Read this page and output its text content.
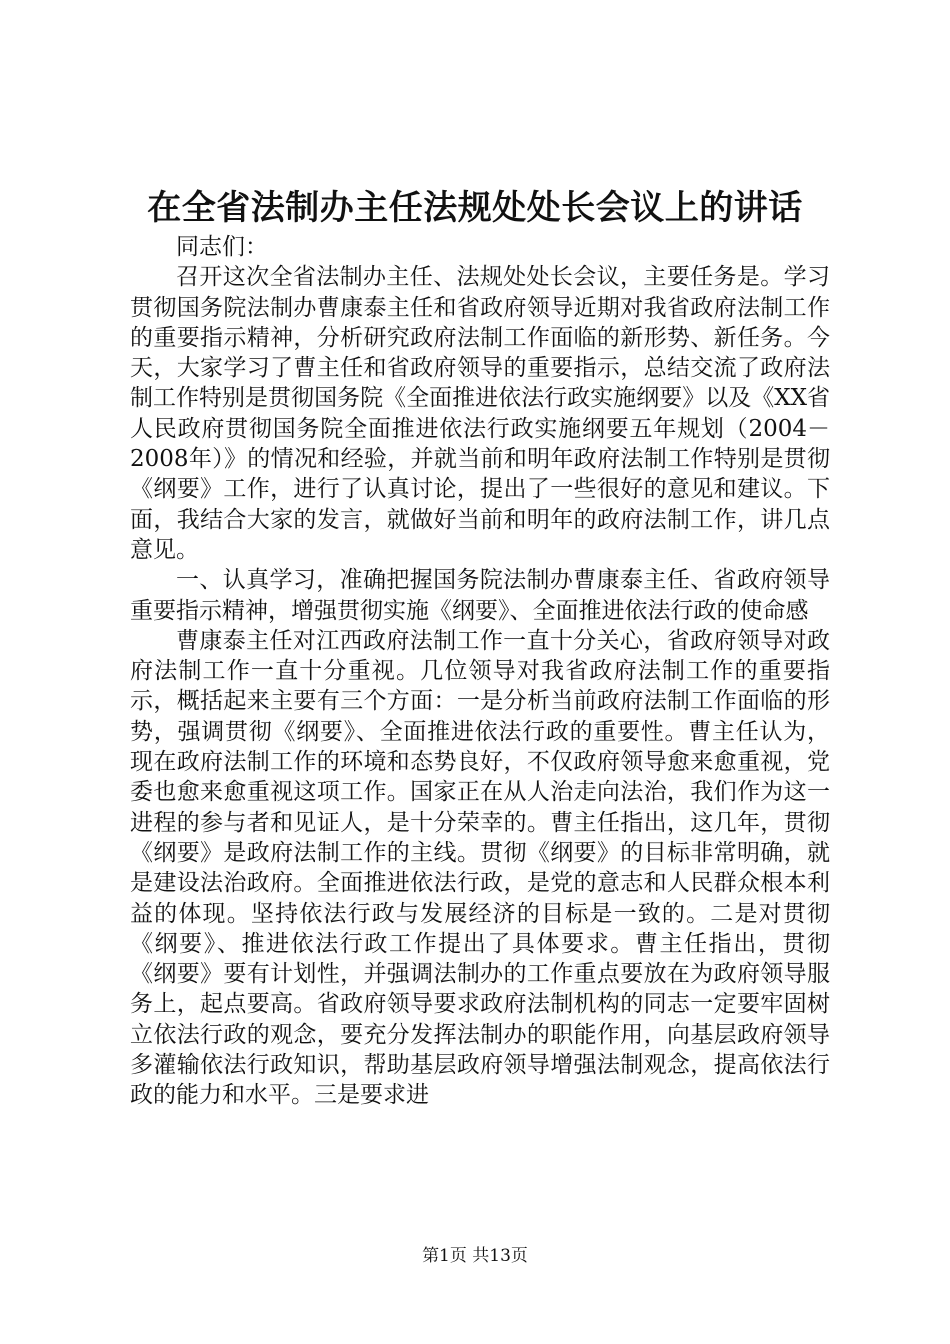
在全省法制办主任法规处处长会议上的讲话

同志们：

召开这次全省法制办主任、法规处处长会议，主要任务是。学习贯彻国务院法制办曹康泰主任和省政府领导近期对我省政府法制工作的重要指示精神，分析研究政府法制工作面临的新形势、新任务。今天，大家学习了曹主任和省政府领导的重要指示，总结交流了政府法制工作特别是贯彻国务院《全面推进依法行政实施纲要》以及《XX省人民政府贯彻国务院全面推进依法行政实施纲要五年规划（2004－2008年）》的情况和经验，并就当前和明年政府法制工作特别是贯彻《纲要》工作，进行了认真讨论，提出了一些很好的意见和建议。下面，我结合大家的发言，就做好当前和明年的政府法制工作，讲几点意见。

一、认真学习，准确把握国务院法制办曹康泰主任、省政府领导重要指示精神，增强贯彻实施《纲要》、全面推进依法行政的使命感

曹康泰主任对江西政府法制工作一直十分关心，省政府领导对政府法制工作一直十分重视。几位领导对我省政府法制工作的重要指示，概括起来主要有三个方面：一是分析当前政府法制工作面临的形势，强调贯彻《纲要》、全面推进依法行政的重要性。曹主任认为，现在政府法制工作的环境和态势良好，不仅政府领导愈来愈重视，党委也愈来愈重视这项工作。国家正在从人治走向法治，我们作为这一进程的参与者和见证人，是十分荣幸的。曹主任指出，这几年，贯彻《纲要》是政府法制工作的主线。贯彻《纲要》的目标非常明确，就是建设法治政府。全面推进依法行政，是党的意志和人民群众根本利益的体现。坚持依法行政与发展经济的目标是一致的。二是对贯彻《纲要》、推进依法行政工作提出了具体要求。曹主任指出，贯彻《纲要》要有计划性，并强调法制办的工作重点要放在为政府领导服务上，起点要高。省政府领导要求政府法制机构的同志一定要牢固树立依法行政的观念，要充分发挥法制办的职能作用，向基层政府领导多灌输依法行政知识，帮助基层政府领导增强法制观念，提高依法行政的能力和水平。三是要求进

第1页 共13页
